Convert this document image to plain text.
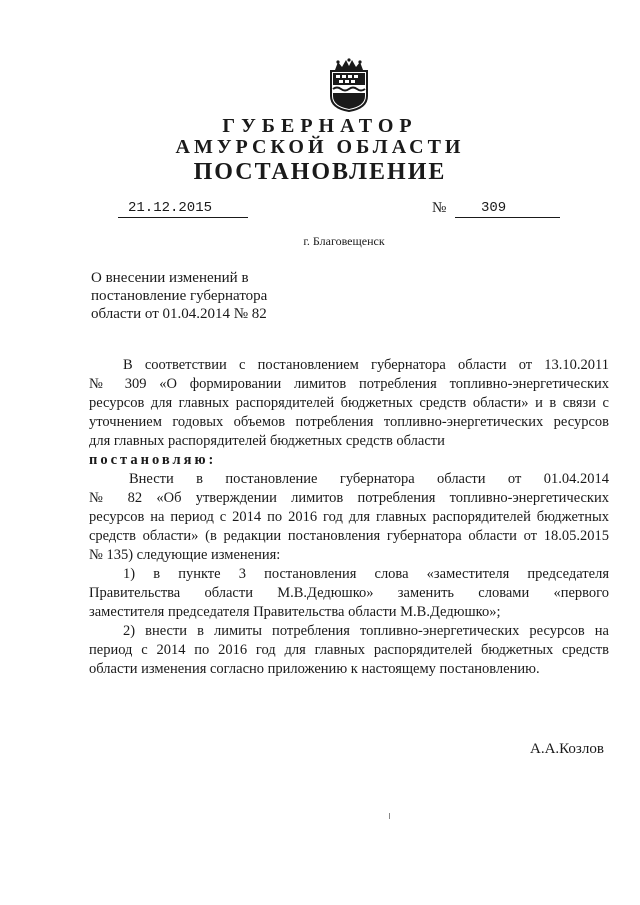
ГУБЕРНАТОР
АМУРСКОЙ ОБЛАСТИ
ПОСТАНОВЛЕНИЕ
21.12.2015	№	309
г. Благовещенск
О внесении изменений в
постановление губернатора
области от 01.04.2014 № 82
В соответствии с постановлением губернатора области от 13.10.2011
№ 309 «О формировании лимитов потребления топливно-энергетических
ресурсов для главных распорядителей бюджетных средств области» и в связи с
уточнением годовых объемов потребления топливно-энергетических ресурсов
для главных распорядителей бюджетных средств области
постановляю:
Внести в постановление губернатора области от 01.04.2014
№ 82 «Об утверждении лимитов потребления топливно-энергетических
ресурсов на период с 2014 по 2016 год для главных распорядителей бюджетных
средств области» (в редакции постановления губернатора области от 18.05.2015
№ 135) следующие изменения:
1) в пункте 3 постановления слова «заместителя председателя
Правительства области М.В.Дедюшко» заменить словами «первого
заместителя председателя Правительства области М.В.Дедюшко»;
2) внести в лимиты потребления топливно-энергетических ресурсов на
период с 2014 по 2016 год для главных распорядителей бюджетных средств
области изменения согласно приложению к настоящему постановлению.
А.А.Козлов
